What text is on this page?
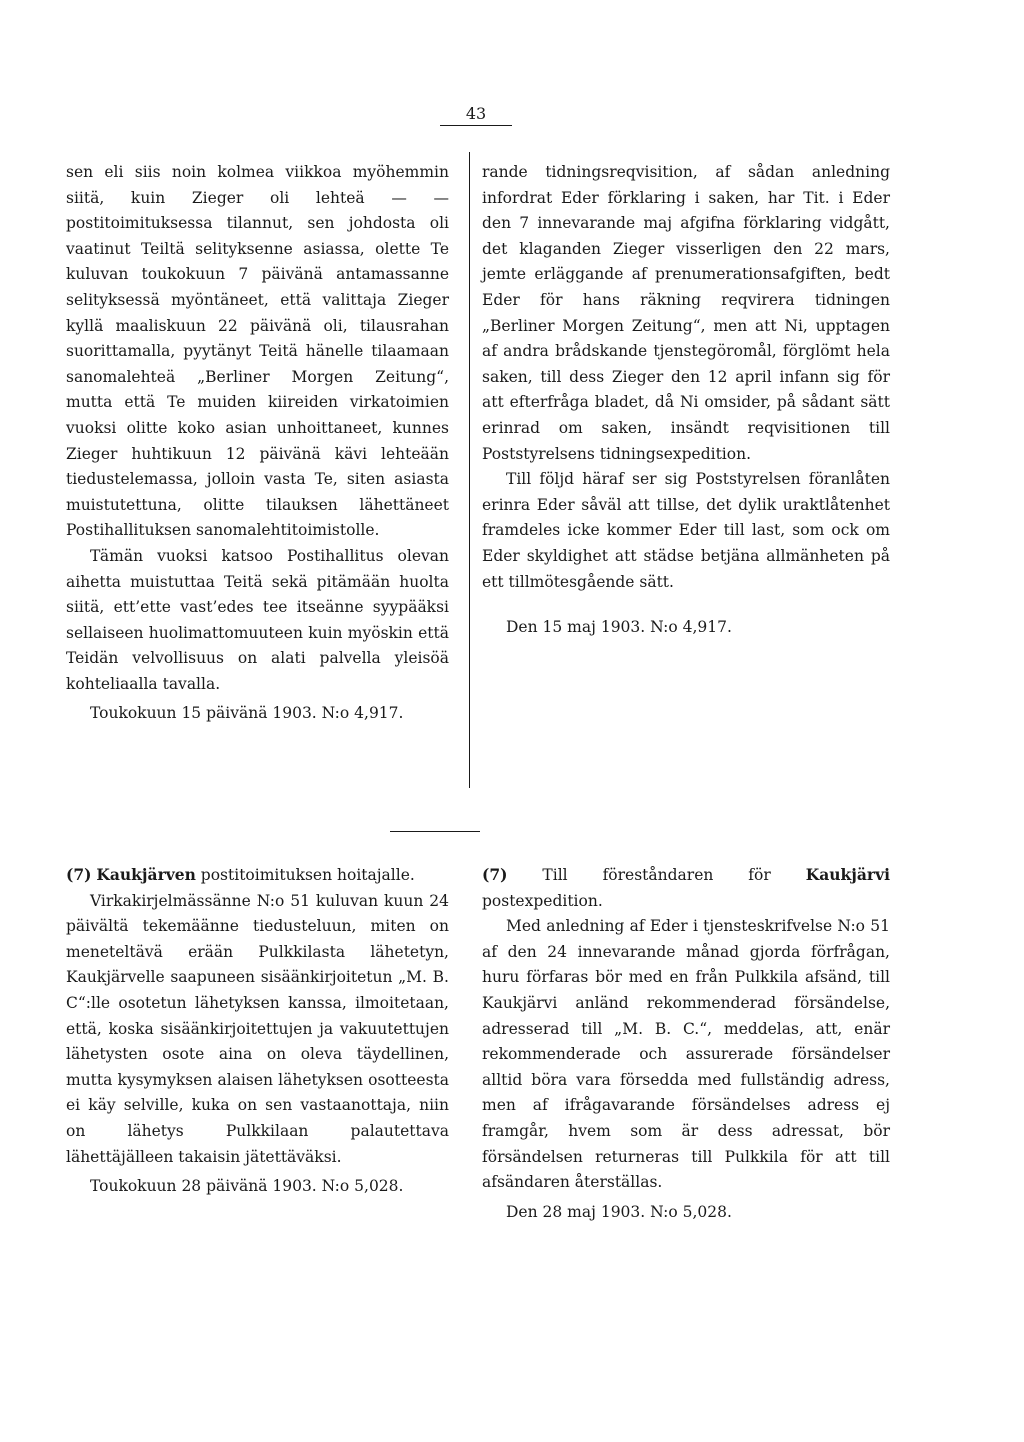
43

sen eli siis noin kolmea viikkoa myöhemmin siitä, kuin Zieger oli lehteä — — postitoimituksessa tilannut, sen johdosta oli vaatinut Teiltä selityksenne asiassa, olette Te kuluvan toukokuun 7 päivänä antamassanne selityksessä myöntäneet, että valittaja Zieger kyllä maaliskuun 22 päivänä oli, tilausrahan suorittamalla, pyytänyt Teitä hänelle tilaamaan sanomalehteä „Berliner Morgen Zeitung“, mutta että Te muiden kiireiden virkatoimien vuoksi olitte koko asian unhoittaneet, kunnes Zieger huhtikuun 12 päivänä kävi lehteään tiedustelemassa, jolloin vasta Te, siten asiasta muistutettuna, olitte tilauksen lähettäneet Postihallituksen sanomalehtitoimistolle.

Tämän vuoksi katsoo Postihallitus olevan aihetta muistuttaa Teitä sekä pitämään huolta siitä, ett’ette vast’edes tee itseänne syypääksi sellaiseen huolimattomuuteen kuin myöskin että Teidän velvollisuus on alati palvella yleisöä kohteliaalla tavalla.

Toukokuun 15 päivänä 1903. N:o 4,917.

rande tidningsreqvisition, af sådan anledning infordrat Eder förklaring i saken, har Tit. i Eder den 7 innevarande maj afgifna förklaring vidgått, det klaganden Zieger visserligen den 22 mars, jemte erläggande af prenumerationsafgiften, bedt Eder för hans räkning reqvirera tidningen „Berliner Morgen Zeitung“, men att Ni, upptagen af andra brådskande tjenstegöromål, förglömt hela saken, till dess Zieger den 12 april infann sig för att efterfråga bladet, då Ni omsider, på sådant sätt erinrad om saken, insändt reqvisitionen till Poststyrelsens tidningsexpedition.

Till följd häraf ser sig Poststyrelsen föranlåten erinra Eder såväl att tillse, det dylik uraktlåtenhet framdeles icke kommer Eder till last, som ock om Eder skyldighet att städse betjäna allmänheten på ett tillmötesgående sätt.

Den 15 maj 1903. N:o 4,917.

(7) Kaukjärven postitoimituksen hoitajalle.

Virkakirjelmässänne N:o 51 kuluvan kuun 24 päivältä tekemäänne tiedusteluun, miten on meneteltävä erään Pulkkilasta lähetetyn, Kaukjärvelle saapuneen sisäänkirjoitetun „M. B. C“:lle osotetun lähetyksen kanssa, ilmoitetaan, että, koska sisäänkirjoitettujen ja vakuutettujen lähetysten osote aina on oleva täydellinen, mutta kysymyksen alaisen lähetyksen osotteesta ei käy selville, kuka on sen vastaanottaja, niin on lähetys Pulkkilaan palautettava lähettäjälleen takaisin jätettäväksi.

Toukokuun 28 päivänä 1903. N:o 5,028.

(7) Till föreståndaren för Kaukjärvi postexpedition.

Med anledning af Eder i tjensteskrifvelse N:o 51 af den 24 innevarande månad gjorda förfrågan, huru förfaras bör med en från Pulkkila afsänd, till Kaukjärvi anländ rekommenderad försändelse, adresserad till „M. B. C.“, meddelas, att, enär rekommenderade och assurerade försändelser alltid böra vara försedda med fullständig adress, men af ifrågavarande försändelses adress ej framgår, hvem som är dess adressat, bör försändelsen returneras till Pulkkila för att till afsändaren återställas.

Den 28 maj 1903. N:o 5,028.
